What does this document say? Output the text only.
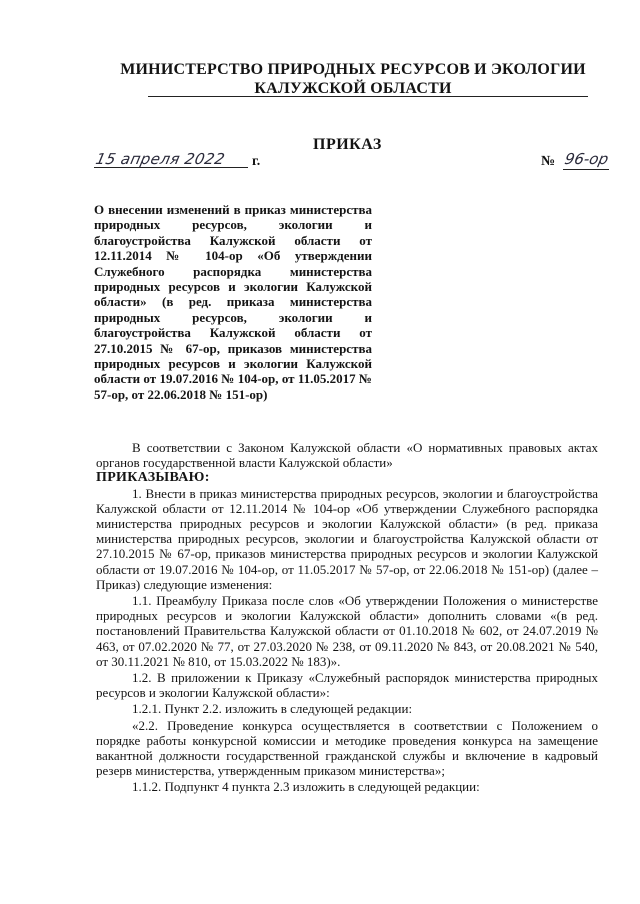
МИНИСТЕРСТВО ПРИРОДНЫХ РЕСУРСОВ И ЭКОЛОГИИ
КАЛУЖСКОЙ ОБЛАСТИ
ПРИКАЗ
15 апреля 2022 г.	№ 96-ор
О внесении изменений в приказ министерства природных ресурсов, экологии и благоустройства Калужской области от 12.11.2014 № 104-ор «Об утверждении Служебного распорядка министерства природных ресурсов и экологии Калужской области» (в ред. приказа министерства природных ресурсов, экологии и благоустройства Калужской области от 27.10.2015 № 67-ор, приказов министерства природных ресурсов и экологии Калужской области от 19.07.2016 № 104-ор, от 11.05.2017 № 57-ор, от 22.06.2018 № 151-ор)

В соответствии с Законом Калужской области «О нормативных правовых актах органов государственной власти Калужской области»

ПРИКАЗЫВАЮ:

1. Внести в приказ министерства природных ресурсов, экологии и благоустройства Калужской области от 12.11.2014 № 104-ор «Об утверждении Служебного распорядка министерства природных ресурсов и экологии Калужской области» (в ред. приказа министерства природных ресурсов, экологии и благоустройства Калужской области от 27.10.2015 № 67-ор, приказов министерства природных ресурсов и экологии Калужской области от 19.07.2016 № 104-ор, от 11.05.2017 № 57-ор, от 22.06.2018 № 151-ор) (далее – Приказ) следующие изменения:

1.1. Преамбулу Приказа после слов «Об утверждении Положения о министерстве природных ресурсов и экологии Калужской области» дополнить словами «(в ред. постановлений Правительства Калужской области от 01.10.2018 № 602, от 24.07.2019 № 463, от 07.02.2020 № 77, от 27.03.2020 № 238, от 09.11.2020 № 843, от 20.08.2021 № 540, от 30.11.2021 № 810, от 15.03.2022 № 183)».

1.2. В приложении к Приказу «Служебный распорядок министерства природных ресурсов и экологии Калужской области»:

1.2.1. Пункт 2.2. изложить в следующей редакции:

«2.2. Проведение конкурса осуществляется в соответствии с Положением о порядке работы конкурсной комиссии и методике проведения конкурса на замещение вакантной должности государственной гражданской службы и включение в кадровый резерв министерства, утвержденным приказом министерства»;

1.1.2. Подпункт 4 пункта 2.3 изложить в следующей редакции:
